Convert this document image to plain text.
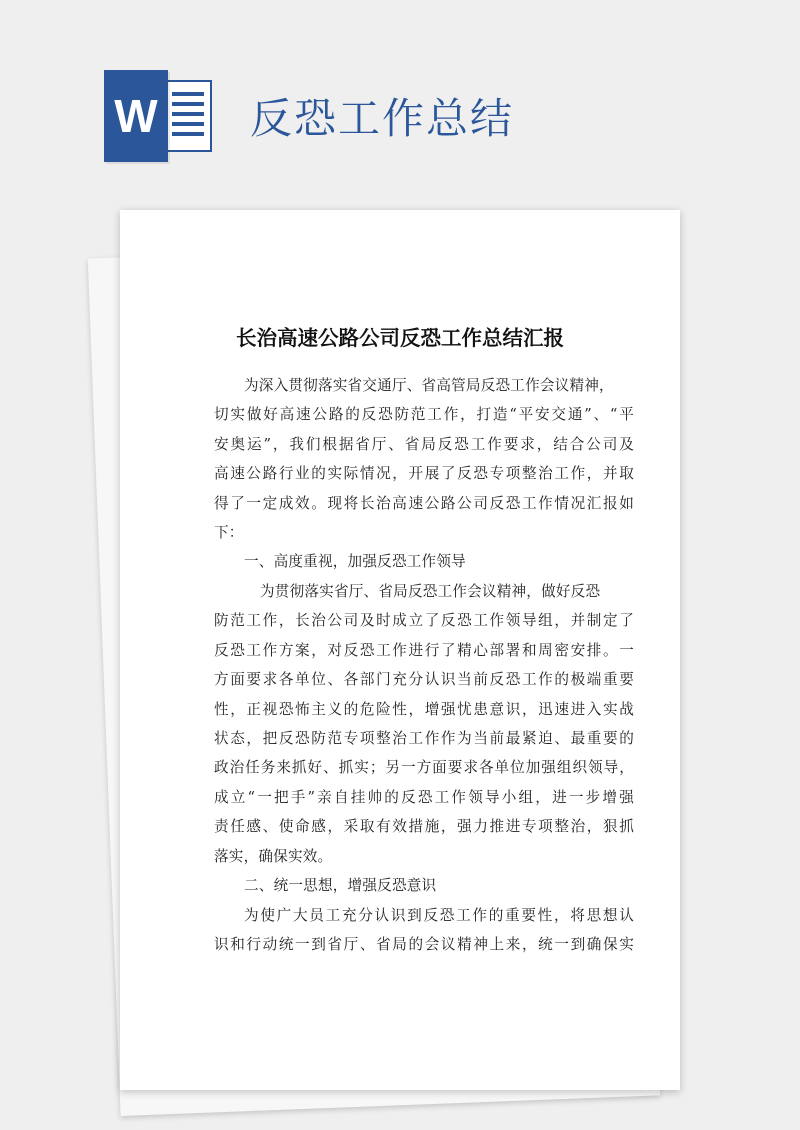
W 反恐工作总结
长治高速公路公司反恐工作总结汇报
为深入贯彻落实省交通厅、省高管局反恐工作会议精神，
切实做好高速公路的反恐防范工作，打造“平安交通”、“平
安奥运”，我们根据省厅、省局反恐工作要求，结合公司及
高速公路行业的实际情况，开展了反恐专项整治工作，并取
得了一定成效。现将长治高速公路公司反恐工作情况汇报如
下：
一、高度重视，加强反恐工作领导
为贯彻落实省厅、省局反恐工作会议精神，做好反恐
防范工作，长治公司及时成立了反恐工作领导组，并制定了
反恐工作方案，对反恐工作进行了精心部署和周密安排。一
方面要求各单位、各部门充分认识当前反恐工作的极端重要
性，正视恐怖主义的危险性，增强忧患意识，迅速进入实战
状态，把反恐防范专项整治工作作为当前最紧迫、最重要的
政治任务来抓好、抓实；另一方面要求各单位加强组织领导，
成立“一把手”亲自挂帅的反恐工作领导小组，进一步增强
责任感、使命感，采取有效措施，强力推进专项整治，狠抓
落实，确保实效。
二、统一思想，增强反恐意识
为使广大员工充分认识到反恐工作的重要性，将思想认
识和行动统一到省厅、省局的会议精神上来，统一到确保实
